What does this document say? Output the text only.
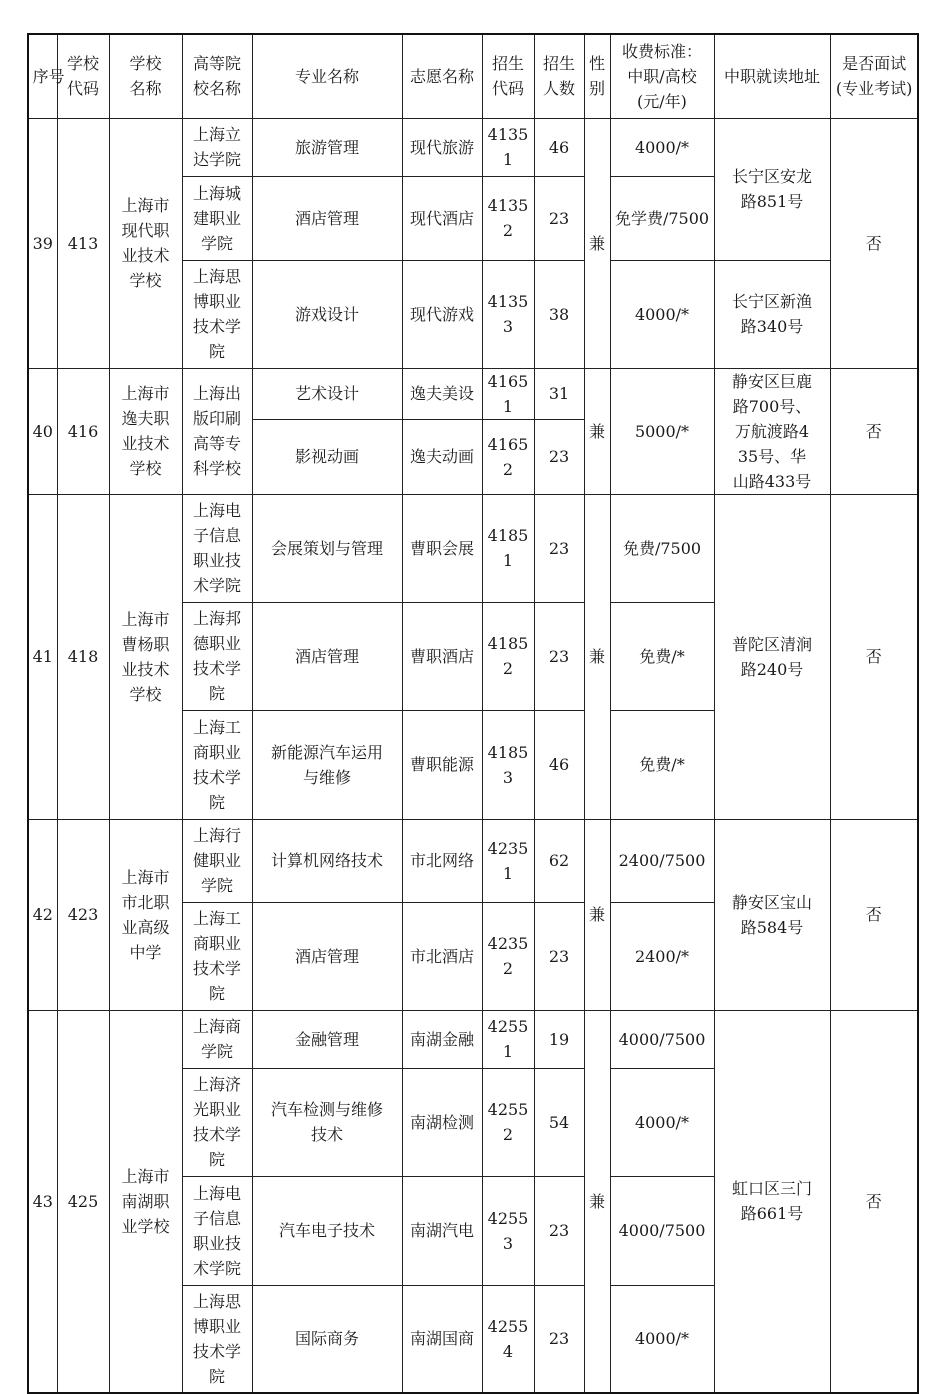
序号	学校代码	学校名称	高等院校名称	专业名称	志愿名称	招生代码	招生人数	性别	收费标准：中职/高校(元/年)	中职就读地址	是否面试(专业考试)
39	413	上海市现代职业技术学校	上海立达学院	旅游管理	现代旅游	41351	46	兼	4000/*	长宁区安龙路851号	否
			上海城建职业学院	酒店管理	现代酒店	41352	23		免学费/7500		
			上海思博职业技术学院	游戏设计	现代游戏	41353	38		4000/*	长宁区新渔路340号	
40	416	上海市逸夫职业技术学校	上海出版印刷高等专科学校	艺术设计	逸夫美设	41651	31	兼	5000/*	静安区巨鹿路700号、万航渡路435号、华山路433号	否
				影视动画	逸夫动画	41652	23				
41	418	上海市曹杨职业技术学校	上海电子信息职业技术学院	会展策划与管理	曹职会展	41851	23	兼	免费/7500	普陀区清涧路240号	否
			上海邦德职业技术学院	酒店管理	曹职酒店	41852	23		免费/*		
			上海工商职业技术学院	新能源汽车运用与维修	曹职能源	41853	46		免费/*		
42	423	上海市市北职业高级中学	上海行健职业学院	计算机网络技术	市北网络	42351	62	兼	2400/7500	静安区宝山路584号	否
			上海工商职业技术学院	酒店管理	市北酒店	42352	23		2400/*		
43	425	上海市南湖职业学校	上海商学院	金融管理	南湖金融	42551	19	兼	4000/7500	虹口区三门路661号	否
			上海济光职业技术学院	汽车检测与维修技术	南湖检测	42552	54		4000/*		
			上海电子信息职业技术学院	汽车电子技术	南湖汽电	42553	23		4000/7500		
			上海思博职业技术学院	国际商务	南湖国商	42554	23		4000/*		
